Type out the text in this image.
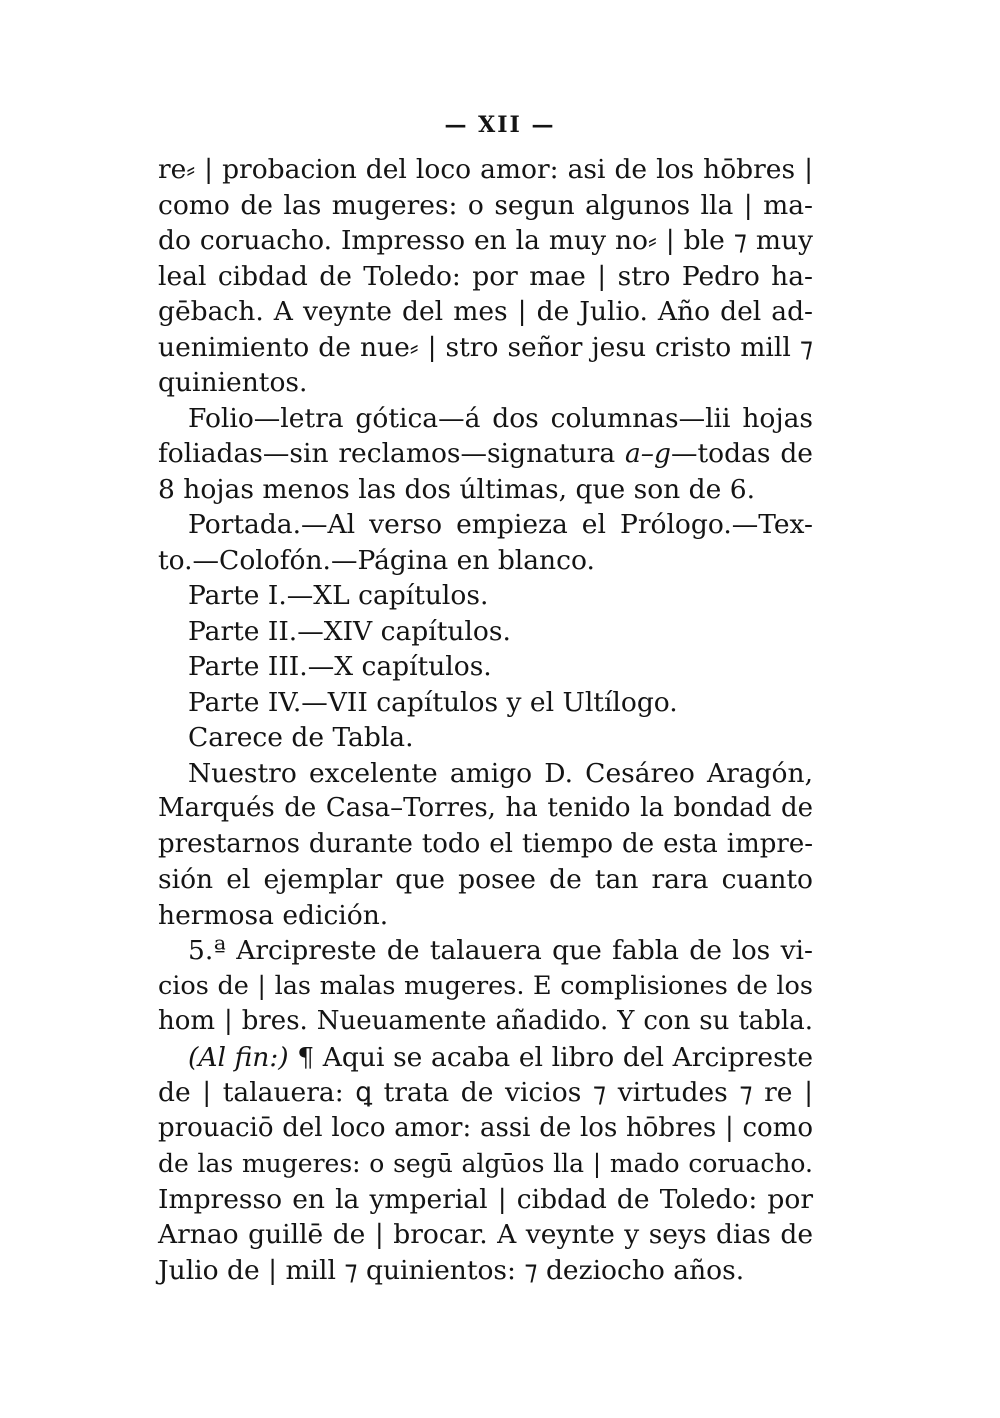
— XII —
re⸗ | probacion del loco amor: asi de los hōbres |
como de las mugeres: o segun algunos lla | ma-
do coruacho. Impresso en la muy no⸗ | ble ⁊ muy
leal cibdad de Toledo: por mae | stro Pedro ha-
gēbach. A veynte del mes | de Julio. Año del ad-
uenimiento de nue⸗ | stro señor jesu cristo mill ⁊
quinientos.
Folio—letra gótica—á dos columnas—lii hojas
foliadas—sin reclamos—signatura a–g—todas de
8 hojas menos las dos últimas, que son de 6.
Portada.—Al verso empieza el Prólogo.—Tex-
to.—Colofón.—Página en blanco.
Parte I.—XL capítulos.
Parte II.—XIV capítulos.
Parte III.—X capítulos.
Parte IV.—VII capítulos y el Ultílogo.
Carece de Tabla.
Nuestro excelente amigo D. Cesáreo Aragón,
Marqués de Casa–Torres, ha tenido la bondad de
prestarnos durante todo el tiempo de esta impre-
sión el ejemplar que posee de tan rara cuanto
hermosa edición.
5.ª Arcipreste de talauera que fabla de los vi-
cios de | las malas mugeres. E complisiones de los
hom | bres. Nueuamente añadido. Y con su tabla.
(Al fin:) ¶ Aqui se acaba el libro del Arcipreste
de | talauera: ꝗ trata de vicios ⁊ virtudes ⁊ re |
prouaciō del loco amor: assi de los hōbres | como
de las mugeres: o segū algūos lla | mado coruacho.
Impresso en la ymperial | cibdad de Toledo: por
Arnao guillē de | brocar. A veynte y seys dias de
Julio de | mill ⁊ quinientos: ⁊ deziocho años.
